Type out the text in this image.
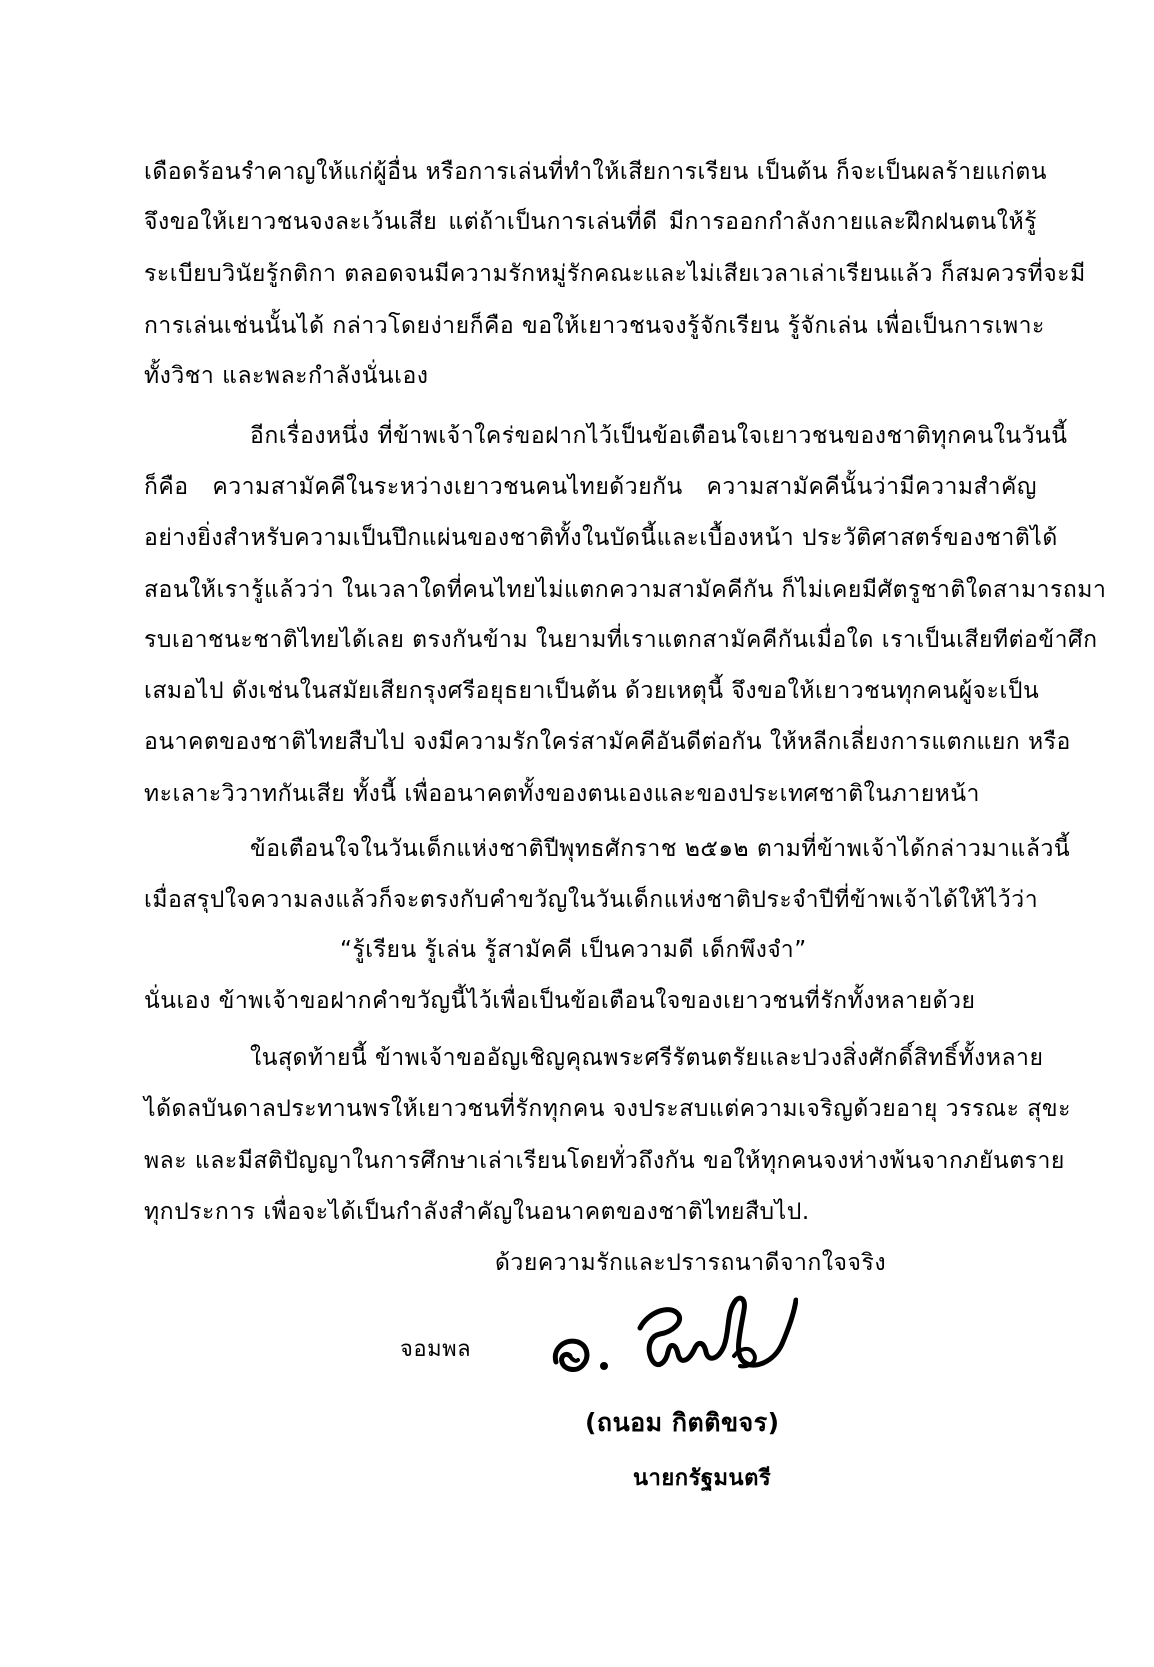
เดือดร้อนรำคาญให้แก่ผู้อื่น หรือการเล่นที่ทำให้เสียการเรียน เป็นต้น ก็จะเป็นผลร้ายแก่ตน
จึงขอให้เยาวชนจงละเว้นเสีย แต่ถ้าเป็นการเล่นที่ดี มีการออกกำลังกายและฝึกฝนตนให้รู้
ระเบียบวินัยรู้กติกา ตลอดจนมีความรักหมู่รักคณะและไม่เสียเวลาเล่าเรียนแล้ว ก็สมควรที่จะมี
การเล่นเช่นนั้นได้ กล่าวโดยง่ายก็คือ ขอให้เยาวชนจงรู้จักเรียน รู้จักเล่น เพื่อเป็นการเพาะ
ทั้งวิชา และพละกำลังนั่นเอง
อีกเรื่องหนึ่ง ที่ข้าพเจ้าใคร่ขอฝากไว้เป็นข้อเตือนใจเยาวชนของชาติทุกคนในวันนี้
ก็คือ ความสามัคคีในระหว่างเยาวชนคนไทยด้วยกัน ความสามัคคีนั้นว่ามีความสำคัญ
อย่างยิ่งสำหรับความเป็นปึกแผ่นของชาติทั้งในบัดนี้และเบื้องหน้า ประวัติศาสตร์ของชาติได้
สอนให้เรารู้แล้วว่า ในเวลาใดที่คนไทยไม่แตกความสามัคคีกัน ก็ไม่เคยมีศัตรูชาติใดสามารถมา
รบเอาชนะชาติไทยได้เลย ตรงกันข้าม ในยามที่เราแตกสามัคคีกันเมื่อใด เราเป็นเสียทีต่อข้าศึก
เสมอไป ดังเช่นในสมัยเสียกรุงศรีอยุธยาเป็นต้น ด้วยเหตุนี้ จึงขอให้เยาวชนทุกคนผู้จะเป็น
อนาคตของชาติไทยสืบไป จงมีความรักใคร่สามัคคีอันดีต่อกัน ให้หลีกเลี่ยงการแตกแยก หรือ
ทะเลาะวิวาทกันเสีย ทั้งนี้ เพื่ออนาคตทั้งของตนเองและของประเทศชาติในภายหน้า
ข้อเตือนใจในวันเด็กแห่งชาติปีพุทธศักราช ๒๕๑๒ ตามที่ข้าพเจ้าได้กล่าวมาแล้วนี้
เมื่อสรุปใจความลงแล้วก็จะตรงกับคำขวัญในวันเด็กแห่งชาติประจำปีที่ข้าพเจ้าได้ให้ไว้ว่า
“รู้เรียน รู้เล่น รู้สามัคคี เป็นความดี เด็กพึงจำ”
นั่นเอง ข้าพเจ้าขอฝากคำขวัญนี้ไว้เพื่อเป็นข้อเตือนใจของเยาวชนที่รักทั้งหลายด้วย
ในสุดท้ายนี้ ข้าพเจ้าขออัญเชิญคุณพระศรีรัตนตรัยและปวงสิ่งศักดิ์สิทธิ์ทั้งหลาย
ได้ดลบันดาลประทานพรให้เยาวชนที่รักทุกคน จงประสบแต่ความเจริญด้วยอายุ วรรณะ สุขะ
พละ และมีสติปัญญาในการศึกษาเล่าเรียนโดยทั่วถึงกัน ขอให้ทุกคนจงห่างพ้นจากภยันตราย
ทุกประการ เพื่อจะได้เป็นกำลังสำคัญในอนาคตของชาติไทยสืบไป.
ด้วยความรักและปรารถนาดีจากใจจริง
จอมพล
(ถนอม กิตติขจร)
นายกรัฐมนตรี
